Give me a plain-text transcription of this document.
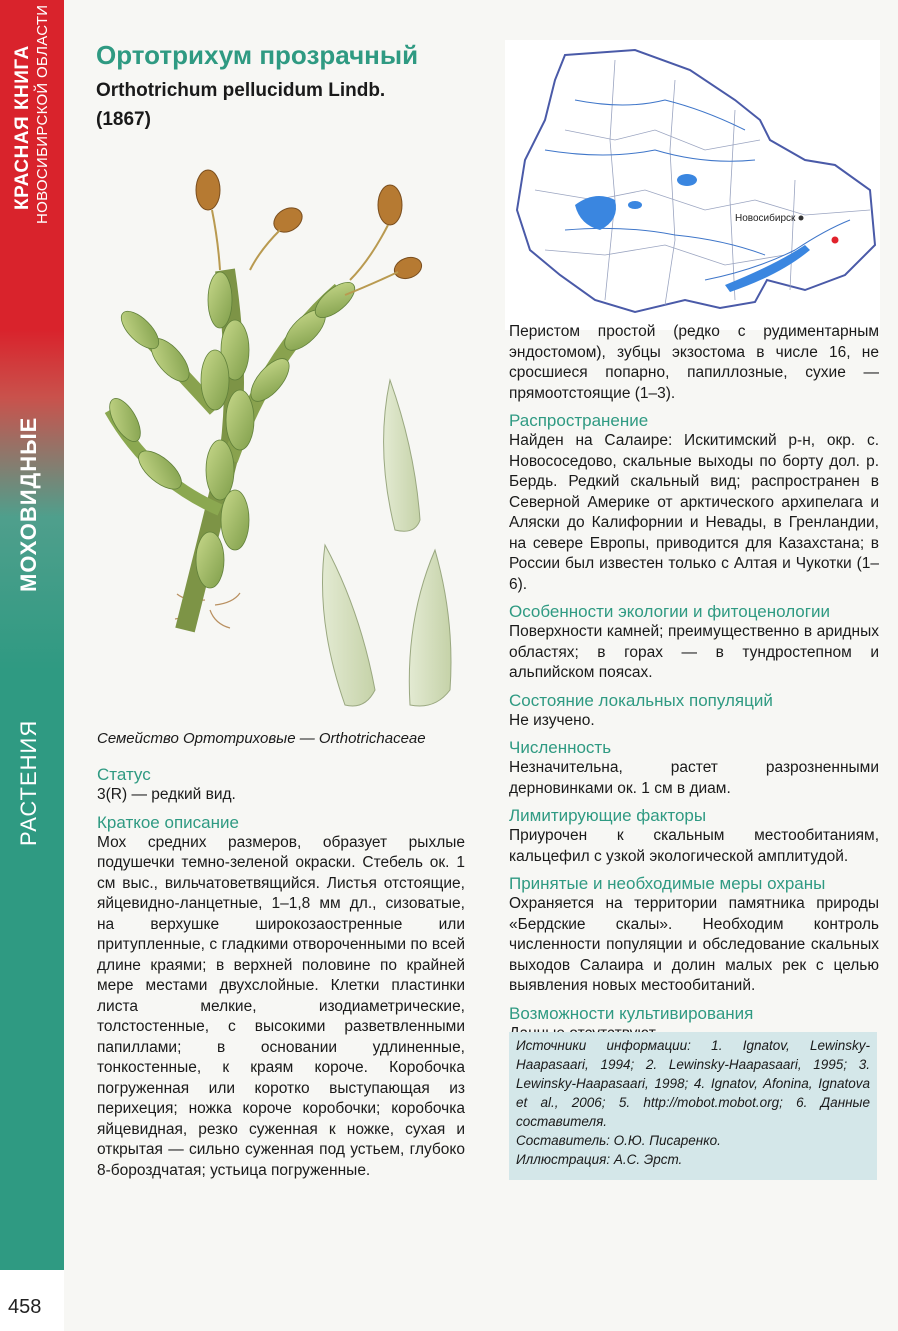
КРАСНАЯ КНИГА НОВОСИБИРСКОЙ ОБЛАСТИ
МОХОВИДНЫЕ
РАСТЕНИЯ
458
Ортотрихум прозрачный
Orthotrichum pellucidum Lindb.
(1867)
Семейство Ортотриховые — Orthotrichaceae
Новосибирск
Статус

3(R) — редкий вид.

Краткое описание

Мох средних размеров, образует рыхлые подушечки темно-зеленой окраски. Стебель ок. 1 см выс., вильчатоветвящийся. Листья отстоящие, яйцевидно-ланцетные, 1–1,8 мм дл., сизоватые, на верхушке широкозаостренные или притупленные, с гладкими отвороченными по всей длине краями; в верхней половине по крайней мере местами двухслойные. Клетки пластинки листа мелкие, изодиаметрические, толстостенные, с высокими разветвленными папиллами; в основании удлиненные, тонкостенные, к краям короче. Коробочка погруженная или коротко выступающая из перихеция; ножка короче коробочки; коробочка яйцевидная, резко суженная к ножке, сухая и открытая — сильно суженная под устьем, глубоко 8-бороздчатая; устьица погруженные.

Перистом простой (редко с рудиментарным эндостомом), зубцы экзостома в числе 16, не сросшиеся попарно, папиллозные, сухие — прямоотстоящие (1–3).

Распространение

Найден на Салаире: Искитимский р-н, окр. с. Новососедово, скальные выходы по борту дол. р. Бердь. Редкий скальный вид; распространен в Северной Америке от арктического архипелага и Аляски до Калифорнии и Невады, в Гренландии, на севере Европы, приводится для Казахстана; в России был известен только с Алтая и Чукотки (1–6).

Особенности экологии и фитоценологии

Поверхности камней; преимущественно в аридных областях; в горах — в тундростепном и альпийском поясах.

Состояние локальных популяций

Не изучено.

Численность

Незначительна, растет разрозненными дерновинками ок. 1 см в диам.

Лимитирующие факторы

Приурочен к скальным местообитаниям, кальцефил с узкой экологической амплитудой.

Принятые и необходимые меры охраны

Охраняется на территории памятника природы «Бердские скалы». Необходим контроль численности популяции и обследование скальных выходов Салаира и долин малых рек с целью выявления новых местообитаний.

Возможности культивирования

Источники информации: 1. Ignatov, Lewinsky-Haapasaari, 1994; 2. Lewinsky-Haapasaari, 1995; 3. Lewinsky-Haapasaari, 1998; 4. Ignatov, Afonina, Ignatova et al., 2006; 5. http://mobot.mobot.org; 6. Данные составителя.

Составитель: О.Ю. Писаренко.

Иллюстрация: А.С. Эрст.
